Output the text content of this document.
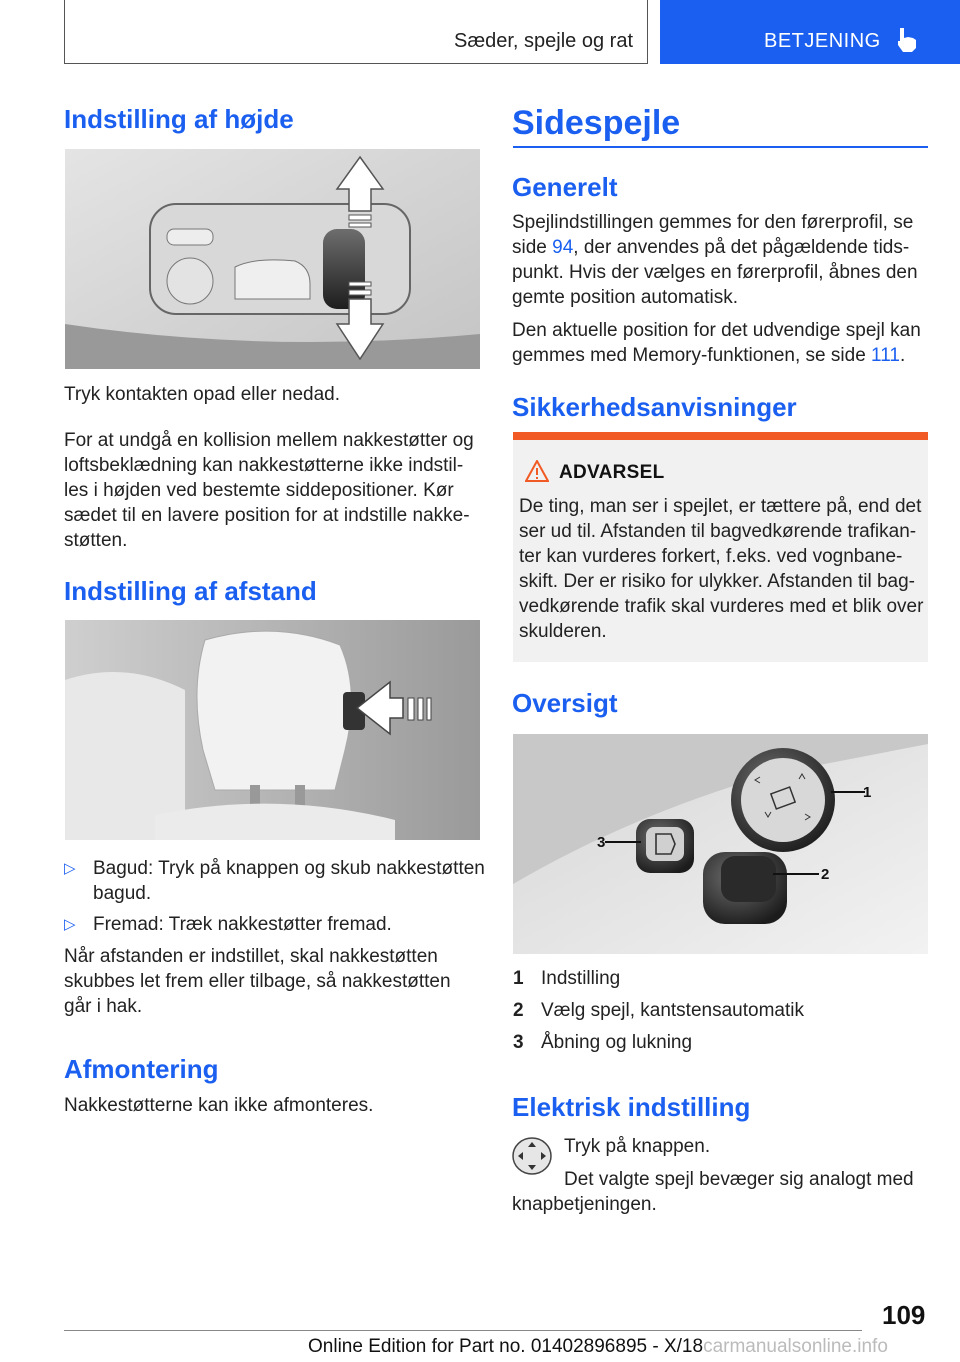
Sæder, spejle og rat	BETJENING
Indstilling af højde

Tryk kontakten opad eller nedad.

For at undgå en kollision mellem nakkestøtter og loftsbeklædning kan nakkestøtterne ikke indstilles i højden ved bestemte siddepositioner. Kør sædet til en lavere position for at indstille nakkestøtten.

Indstilling af afstand
▷ Bagud: Tryk på knappen og skub nakkestøtten bagud.
▷ Fremad: Træk nakkestøtter fremad.

Når afstanden er indstillet, skal nakkestøtten skubbes let frem eller tilbage, så nakkestøtten går i hak.

Afmontering

Nakkestøtterne kan ikke afmonteres.

Sidespejle
Generelt

Spejlindstillingen gemmes for den førerprofil, se side 94, der anvendes på det pågældende tidspunkt. Hvis der vælges en førerprofil, åbnes den gemte position automatisk.

Den aktuelle position for det udvendige spejl kan gemmes med Memory-funktionen, se side 111.

Sikkerhedsanvisninger
ADVARSEL
De ting, man ser i spejlet, er tættere på, end det ser ud til. Afstanden til bagvedkørende trafikanter kan vurderes forkert, f.eks. ved vognbaneskift. Der er risiko for ulykker. Afstanden til bagvedkørende trafik skal vurderes med et blik over skulderen.
Oversigt
1
2
3
1 Indstilling
2 Vælg spejl, kantstensautomatik
3 Åbning og lukning
Elektrisk indstilling

Tryk på knappen.

Det valgte spejl bevæger sig analogt med knapbetjeningen.

109
Online Edition for Part no. 01402896895 - X/18carmanualsonline.info
